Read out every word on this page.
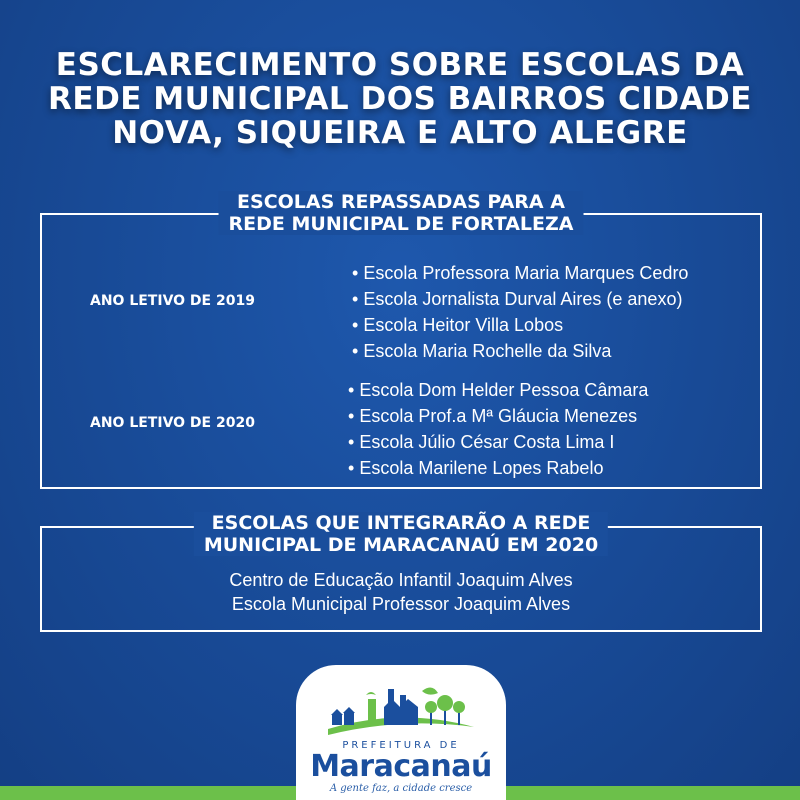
ESCLARECIMENTO SOBRE ESCOLAS DA
REDE MUNICIPAL DOS BAIRROS CIDADE
NOVA, SIQUEIRA E ALTO ALEGRE
ESCOLAS REPASSADAS PARA A
REDE MUNICIPAL DE FORTALEZA
ANO LETIVO DE 2019
• Escola Professora Maria Marques Cedro
• Escola Jornalista Durval Aires (e anexo)
• Escola Heitor Villa Lobos
• Escola Maria Rochelle da Silva
ANO LETIVO DE 2020
• Escola Dom Helder Pessoa Câmara
• Escola Prof.a Mª Gláucia Menezes
• Escola Júlio César Costa Lima I
• Escola Marilene Lopes Rabelo
ESCOLAS QUE INTEGRARÃO A REDE
MUNICIPAL DE MARACANAÚ EM 2020
Centro de Educação Infantil Joaquim Alves
Escola Municipal Professor Joaquim Alves
PREFEITURA DE
Maracanaú
A gente faz, a cidade cresce
